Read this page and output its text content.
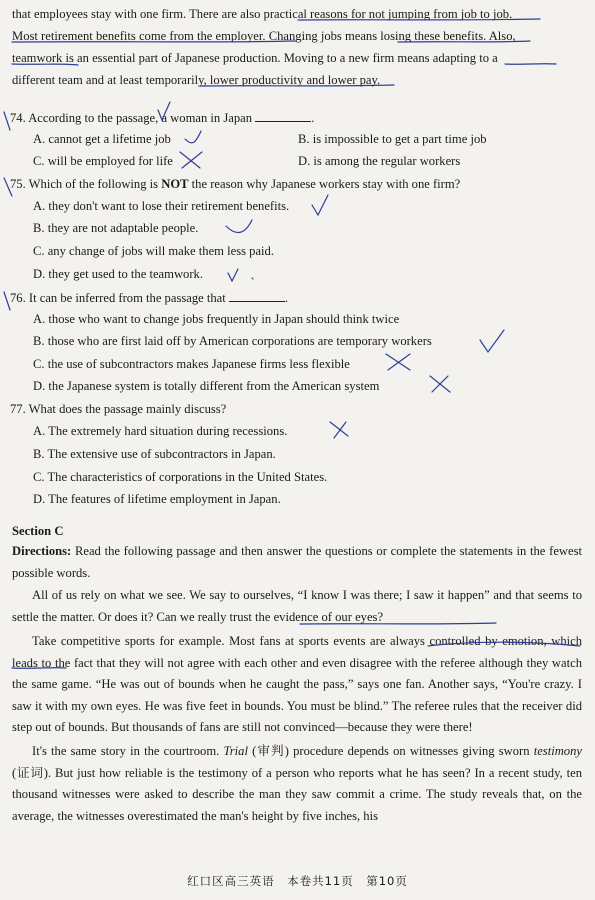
that employees stay with one firm. There are also practical reasons for not jumping from job to job.

Most retirement benefits come from the employer. Changing jobs means losing these benefits. Also,

teamwork is an essential part of Japanese production. Moving to a new firm means adapting to a

different team and at least temporarily, lower productivity and lower pay.

74. According to the passage, a woman in Japan	.
A. cannot get a lifetime job	B. is impossible to get a part time job
C. will be employed for life	D. is among the regular workers
75. Which of the following is NOT the reason why Japanese workers stay with one firm?
A. they don't want to lose their retirement benefits.
B. they are not adaptable people.
C. any change of jobs will make them less paid.
D. they get used to the teamwork.
76. It can be inferred from the passage that	.
A. those who want to change jobs frequently in Japan should think twice
B. those who are first laid off by American corporations are temporary workers
C. the use of subcontractors makes Japanese firms less flexible
D. the Japanese system is totally different from the American system
77. What does the passage mainly discuss?
A. The extremely hard situation during recessions.
B. The extensive use of subcontractors in Japan.
C. The characteristics of corporations in the United States.
D. The features of lifetime employment in Japan.
Section C

Directions: Read the following passage and then answer the questions or complete the statements in the fewest possible words.

All of us rely on what we see. We say to ourselves, “I know I was there; I saw it happen” and that seems to settle the matter. Or does it? Can we really trust the evidence of our eyes?

Take competitive sports for example. Most fans at sports events are always controlled by emotion, which leads to the fact that they will not agree with each other and even disagree with the referee although they watch the same game. “He was out of bounds when he caught the pass,” says one fan. Another says, “You're crazy. I saw it with my own eyes. He was five feet in bounds. You must be blind.” The referee rules that the receiver did step out of bounds. But thousands of fans are still not convinced—because they were there!

It's the same story in the courtroom. Trial (审判) procedure depends on witnesses giving sworn testimony (证词). But just how reliable is the testimony of a person who reports what he has seen? In a recent study, ten thousand witnesses were asked to describe the man they saw commit a crime. The study reveals that, on the average, the witnesses overestimated the man's height by five inches, his

红口区高三英语　本卷共11页　第10页
